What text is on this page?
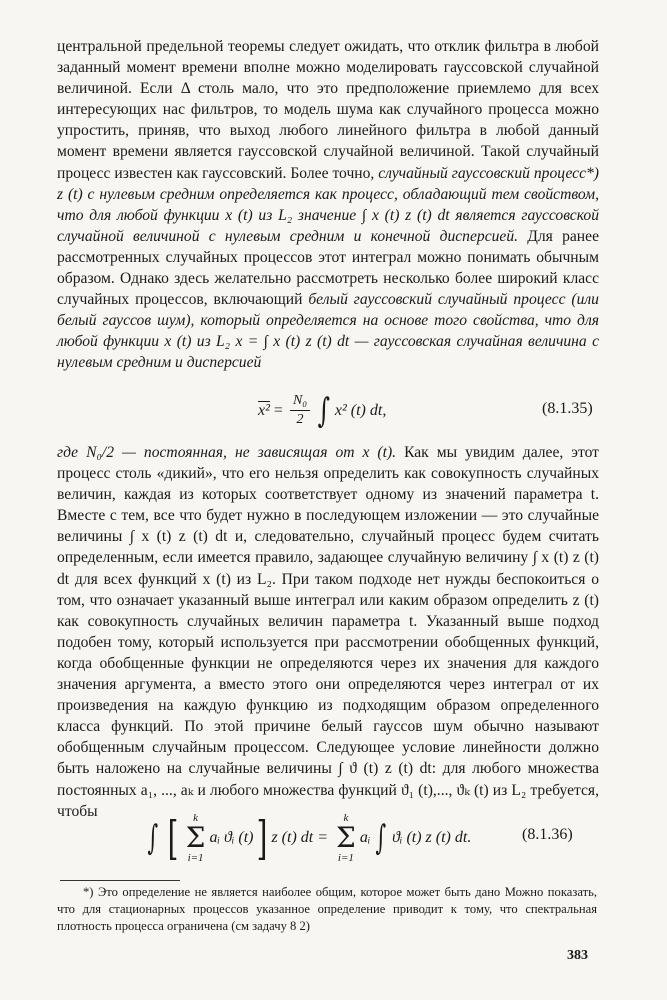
центральной предельной теоремы следует ожидать, что отклик фильтра в любой заданный момент времени вполне можно моделировать гауссовской случайной величиной. Если Δ столь мало, что это предположение приемлемо для всех интересующих нас фильтров, то модель шума как случайного процесса можно упростить, приняв, что выход любого линейного фильтра в любой данный момент времени является гауссовской случайной величиной. Такой случайный процесс известен как гауссовский. Более точно, случайный гауссовский процесс*) z (t) с нулевым средним определяется как процесс, обладающий тем свойством, что для любой функции x (t) из L₂ значение ∫ x (t) z (t) dt является гауссовской случайной величиной с нулевым средним и конечной дисперсией. Для ранее рассмотренных случайных процессов этот интеграл можно понимать обычным образом. Однако здесь желательно рассмотреть несколько более широкий класс случайных процессов, включающий белый гауссовский случайный процесс (или белый гауссов шум), который определяется на основе того свойства, что для любой функции x (t) из L₂ x = ∫ x (t) z (t) dt — гауссовская случайная величина с нулевым средним и дисперсией

$x^2 = \frac{\text{N₀}}{2}$ ∫ x² (t) dt,	(8.1.35)

где N₀/2 — постоянная, не зависящая от x (t). Как мы увидим далее, этот процесс столь «дикий», что его нельзя определить как совокупность случайных величин, каждая из которых соответствует одному из значений параметра t. Вместе с тем, все что будет нужно в последующем изложении — это случайные величины ∫ x (t) z (t) dt и, следовательно, случайный процесс будем считать определенным, если имеется правило, задающее случайную величину ∫ x (t) z (t) dt для всех функций x (t) из L₂. При таком подходе нет нужды беспокоиться о том, что означает указанный выше интеграл или каким образом определить z (t) как совокупность случайных величин параметра t. Указанный выше подход подобен тому, который используется при рассмотрении обобщенных функций, когда обобщенные функции не определяются через их значения для каждого значения аргумента, а вместо этого они определяются через интеграл от их произведения на каждую функцию из подходящим образом определенного класса функций. По этой причине белый гауссов шум обычно называют обобщенным случайным процессом. Следующее условие линейности должно быть наложено на случайные величины ∫ ϑ (t) z (t) dt: для любого множества постоянных a₁, ..., aₖ и любого множества функций ϑ₁ (t),..., ϑₖ (t) из L₂ требуется, чтобы

∫ [ k
Σ
i=1
aᵢ ϑᵢ (t) ] z (t) dt =
k
Σ
i=1
aᵢ ∫ ϑᵢ (t) z (t) dt.	(8.1.36)
*) Это определение не является наиболее общим, которое может быть дано Можно показать, что для стационарных процессов указанное определение приводит к тому, что спектральная плотность процесса ограничена (см задачу 8 2)
383
